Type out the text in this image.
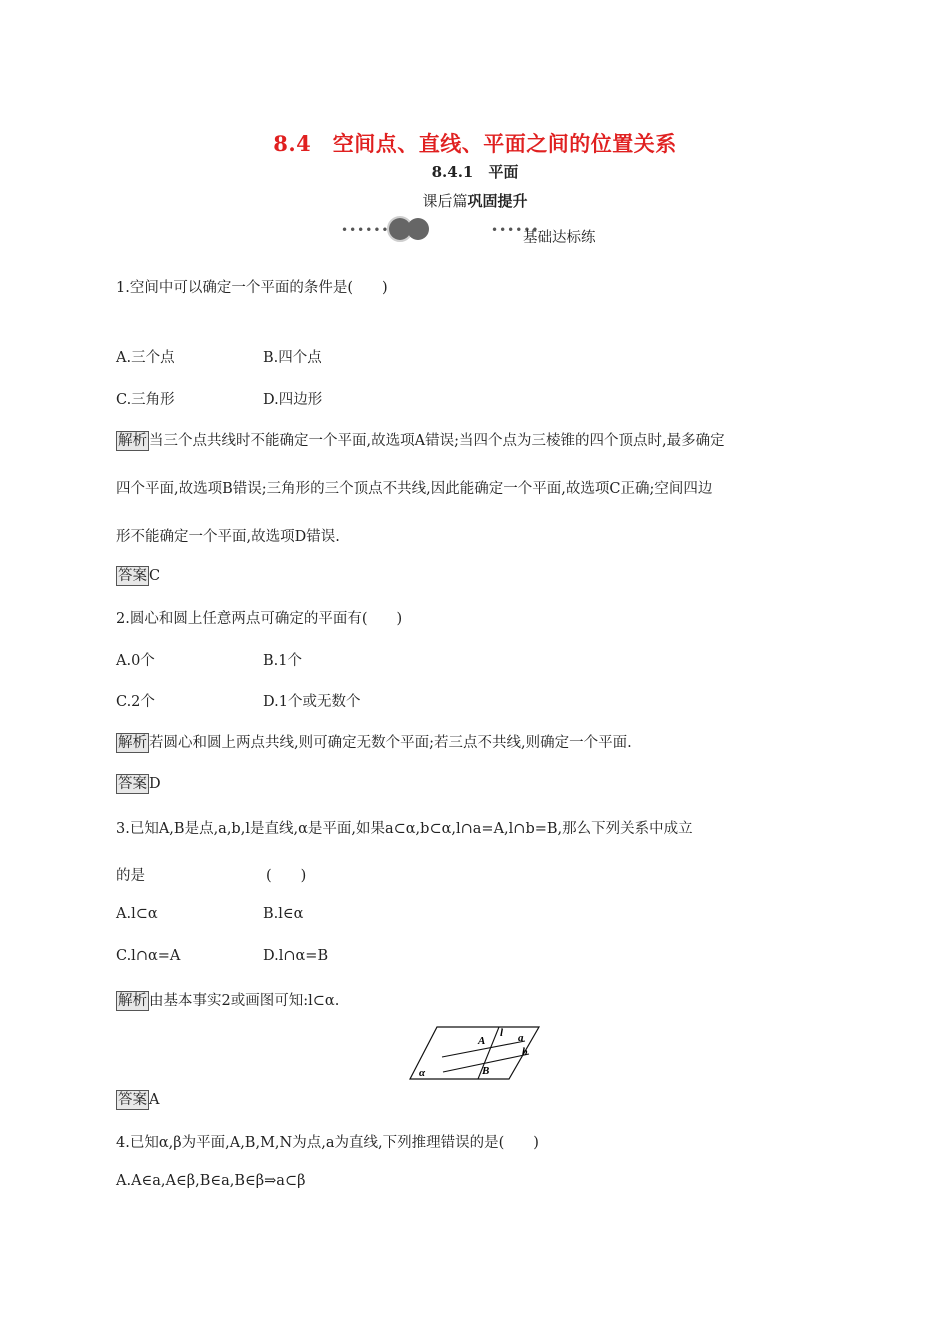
8.4　空间点、直线、平面之间的位置关系
8.4.1　平面
课后篇巩固提升
••••••	••••••
基础达标练
1.空间中可以确定一个平面的条件是(　　)
A.三个点	B.四个点
C.三角形	D.四边形
解析 当三个点共线时不能确定一个平面,故选项A错误;当四个点为三棱锥的四个顶点时,最多确定
四个平面,故选项B错误;三角形的三个顶点不共线,因此能确定一个平面,故选项C正确;空间四边
形不能确定一个平面,故选项D错误.
答案 C
2.圆心和圆上任意两点可确定的平面有(　　)
A.0个	B.1个
C.2个	D.1个或无数个
解析 若圆心和圆上两点共线,则可确定无数个平面;若三点不共线,则确定一个平面.
答案 D
3.已知A,B是点,a,b,l是直线,α是平面,如果a⊂α,b⊂α,l∩a=A,l∩b=B,那么下列关系中成立
的是	(　　)
A.l⊂α	B.l∈α
C.l∩α=A	D.l∩α=B
解析 由基本事实2或画图可知:l⊂α.
A
l a
b
B
α
答案 A
4.已知α,β为平面,A,B,M,N为点,a为直线,下列推理错误的是(　　)
A.A∈a,A∈β,B∈a,B∈β⇒a⊂β
